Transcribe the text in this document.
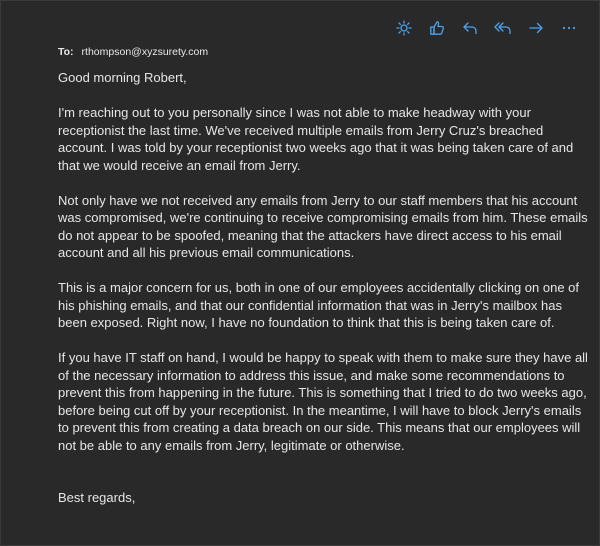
To: rthompson@xyzsurety.com

Good morning Robert,

I'm reaching out to you personally since I was not able to make headway with your receptionist the last time. We've received multiple emails from Jerry Cruz's breached account. I was told by your receptionist two weeks ago that it was being taken care of and that we would receive an email from Jerry.

Not only have we not received any emails from Jerry to our staff members that his account was compromised, we're continuing to receive compromising emails from him. These emails do not appear to be spoofed, meaning that the attackers have direct access to his email account and all his previous email communications.

This is a major concern for us, both in one of our employees accidentally clicking on one of his phishing emails, and that our confidential information that was in Jerry's mailbox has been exposed. Right now, I have no foundation to think that this is being taken care of.

If you have IT staff on hand, I would be happy to speak with them to make sure they have all of the necessary information to address this issue, and make some recommendations to prevent this from happening in the future. This is something that I tried to do two weeks ago, before being cut off by your receptionist. In the meantime, I will have to block Jerry's emails to prevent this from creating a data breach on our side. This means that our employees will not be able to any emails from Jerry, legitimate or otherwise.

Best regards,
